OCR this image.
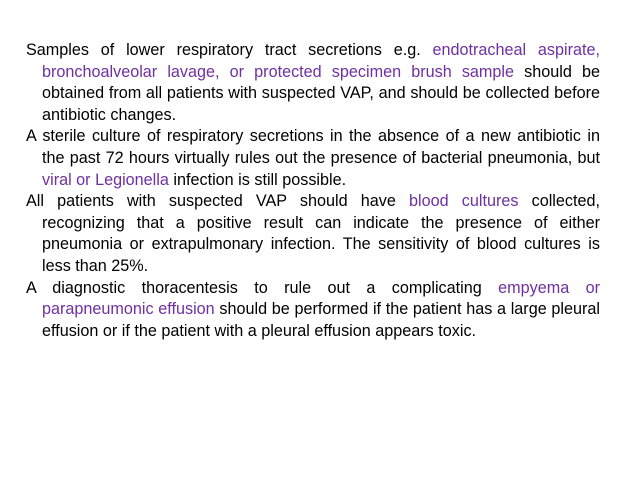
Samples of lower respiratory tract secretions e.g. endotracheal aspirate, bronchoalveolar lavage, or protected specimen brush sample should be obtained from all patients with suspected VAP, and should be collected before antibiotic changes.

A sterile culture of respiratory secretions in the absence of a new antibiotic in the past 72 hours virtually rules out the presence of bacterial pneumonia, but viral or Legionella infection is still possible.

All patients with suspected VAP should have blood cultures collected, recognizing that a positive result can indicate the presence of either pneumonia or extrapulmonary infection. The sensitivity of blood cultures is less than 25%.

A diagnostic thoracentesis to rule out a complicating empyema or parapneumonic effusion should be performed if the patient has a large pleural effusion or if the patient with a pleural effusion appears toxic.
